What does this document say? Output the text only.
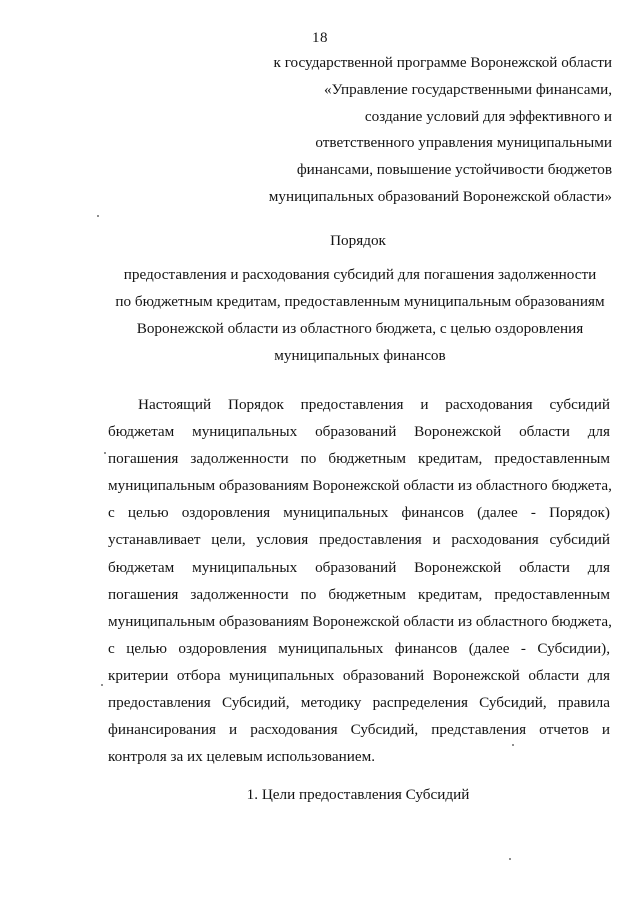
18
к государственной программе Воронежской области
«Управление государственными финансами,
создание условий для эффективного и
ответственного управления муниципальными
финансами, повышение устойчивости бюджетов
муниципальных образований Воронежской области»
Порядок
предоставления и расходования субсидий для погашения задолженности
по бюджетным кредитам, предоставленным муниципальным образованиям
Воронежской области из областного бюджета, с целью оздоровления
муниципальных финансов
Настоящий Порядок предоставления и расходования субсидий
бюджетам муниципальных образований Воронежской области для
погашения задолженности по бюджетным кредитам, предоставленным
муниципальным образованиям Воронежской области из областного бюджета,
с целью оздоровления муниципальных финансов (далее - Порядок)
устанавливает цели, условия предоставления и расходования субсидий
бюджетам муниципальных образований Воронежской области для
погашения задолженности по бюджетным кредитам, предоставленным
муниципальным образованиям Воронежской области из областного бюджета,
с целью оздоровления муниципальных финансов (далее - Субсидии),
критерии отбора муниципальных образований Воронежской области для
предоставления Субсидий, методику распределения Субсидий, правила
финансирования и расходования Субсидий, представления отчетов и
контроля за их целевым использованием.
1. Цели предоставления Субсидий
